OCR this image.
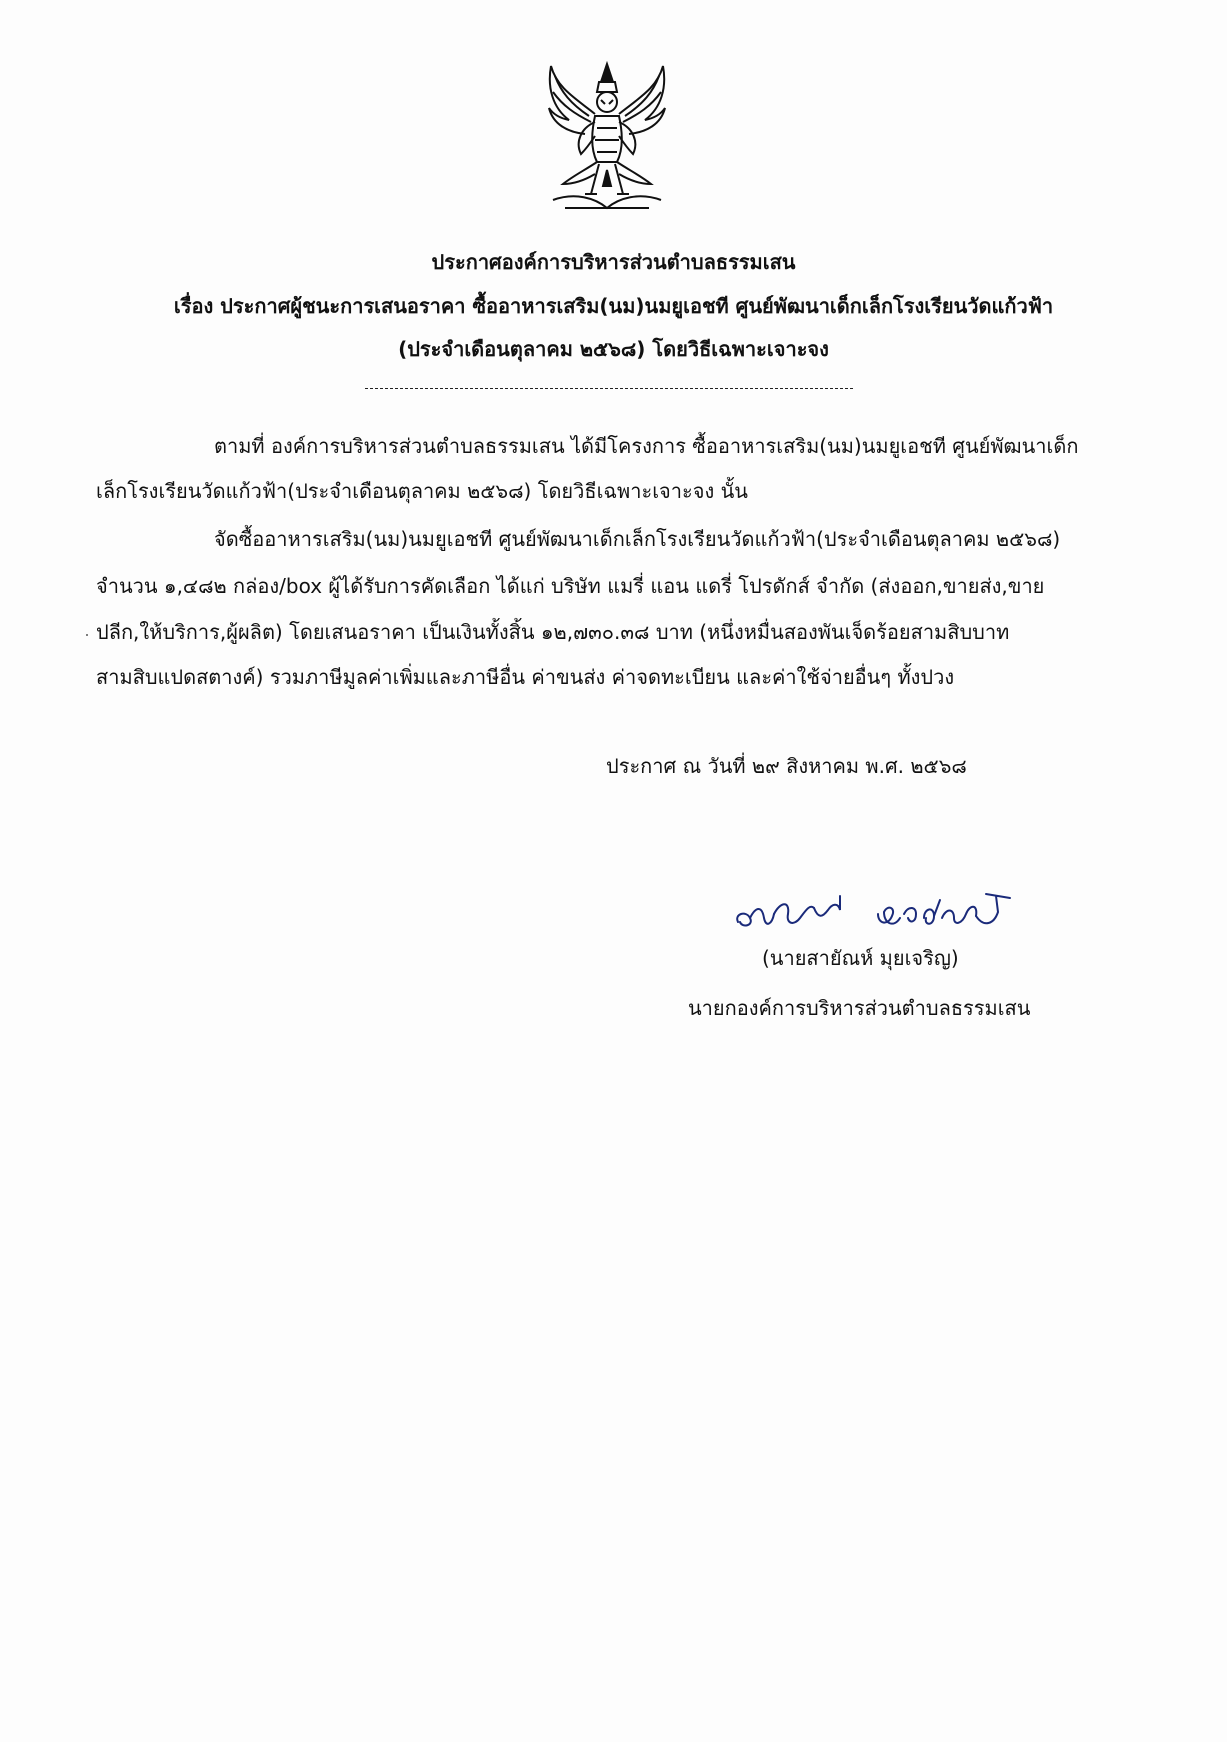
ประกาศองค์การบริหารส่วนตำบลธรรมเสน
เรื่อง ประกาศผู้ชนะการเสนอราคา ซื้ออาหารเสริม(นม)นมยูเอชที ศูนย์พัฒนาเด็กเล็กโรงเรียนวัดแก้วฟ้า
(ประจำเดือนตุลาคม ๒๕๖๘) โดยวิธีเฉพาะเจาะจง
ตามที่ องค์การบริหารส่วนตำบลธรรมเสน ได้มีโครงการ ซื้ออาหารเสริม(นม)นมยูเอชที ศูนย์พัฒนาเด็ก
เล็กโรงเรียนวัดแก้วฟ้า(ประจำเดือนตุลาคม ๒๕๖๘) โดยวิธีเฉพาะเจาะจง นั้น
จัดซื้ออาหารเสริม(นม)นมยูเอชที ศูนย์พัฒนาเด็กเล็กโรงเรียนวัดแก้วฟ้า(ประจำเดือนตุลาคม ๒๕๖๘)
จำนวน ๑,๔๘๒ กล่อง/box ผู้ได้รับการคัดเลือก ได้แก่ บริษัท แมรี่ แอน แดรี่ โปรดักส์ จำกัด (ส่งออก,ขายส่ง,ขาย
ปลีก,ให้บริการ,ผู้ผลิต) โดยเสนอราคา เป็นเงินทั้งสิ้น ๑๒,๗๓๐.๓๘ บาท (หนึ่งหมื่นสองพันเจ็ดร้อยสามสิบบาท
สามสิบแปดสตางค์) รวมภาษีมูลค่าเพิ่มและภาษีอื่น ค่าขนส่ง ค่าจดทะเบียน และค่าใช้จ่ายอื่นๆ ทั้งปวง
ประกาศ ณ วันที่ ๒๙ สิงหาคม พ.ศ. ๒๕๖๘
(นายสายัณห์ มุยเจริญ)
นายกองค์การบริหารส่วนตำบลธรรมเสน
